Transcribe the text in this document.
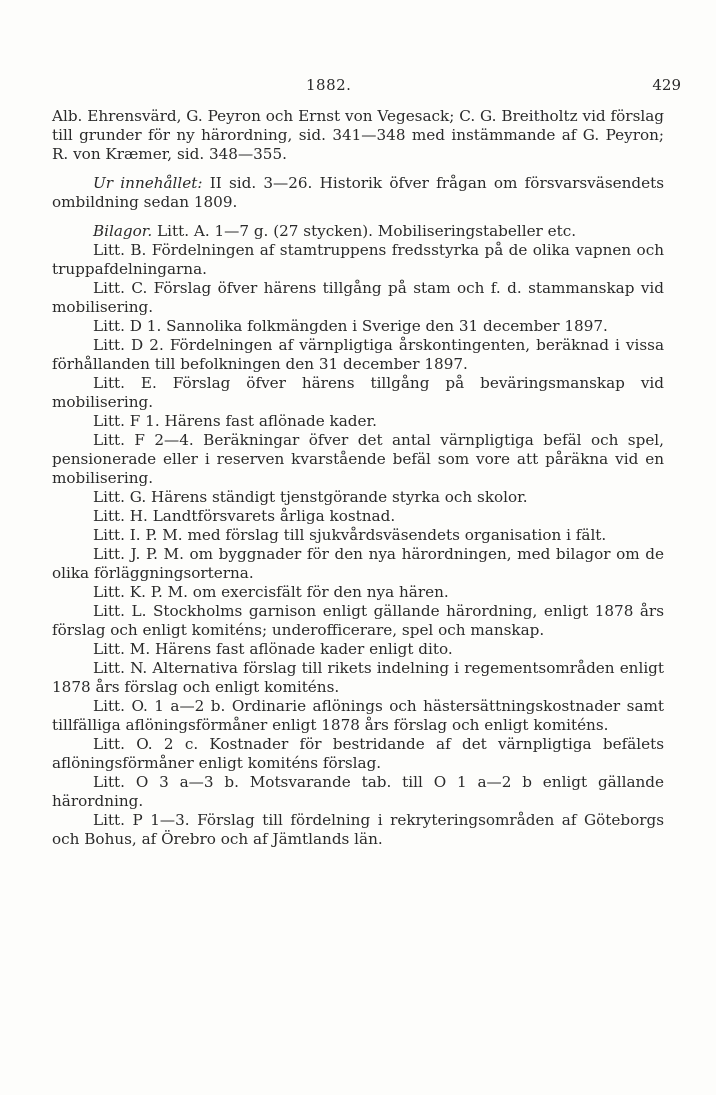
1882.	429

Alb. Ehrensvärd, G. Peyron och Ernst von Vegesack; C. G. Breitholtz vid förslag till grunder för ny härordning, sid. 341—348 med instämmande af G. Peyron; R. von Kræmer, sid. 348—355.

Ur innehållet: II sid. 3—26. Historik öfver frågan om försvarsväsendets ombildning sedan 1809.

Bilagor. Litt. A. 1—7 g. (27 stycken). Mobiliseringstabeller etc.

Litt. B. Fördelningen af stamtruppens fredsstyrka på de olika vapnen och truppafdelningarna.

Litt. C. Förslag öfver härens tillgång på stam och f. d. stammanskap vid mobilisering.

Litt. D 1. Sannolika folkmängden i Sverige den 31 december 1897.

Litt. D 2. Fördelningen af värnpligtiga årskontingenten, beräknad i vissa förhållanden till befolkningen den 31 december 1897.

Litt. E. Förslag öfver härens tillgång på beväringsmanskap vid mobilisering.

Litt. F 1. Härens fast aflönade kader.

Litt. F 2—4. Beräkningar öfver det antal värnpligtiga befäl och spel, pensionerade eller i reserven kvarstående befäl som vore att påräkna vid en mobilisering.

Litt. G. Härens ständigt tjenstgörande styrka och skolor.

Litt. H. Landtförsvarets årliga kostnad.

Litt. I. P. M. med förslag till sjukvårdsväsendets organisation i fält.

Litt. J. P. M. om byggnader för den nya härordningen, med bilagor om de olika förläggningsorterna.

Litt. K. P. M. om exercisfält för den nya hären.

Litt. L. Stockholms garnison enligt gällande härordning, enligt 1878 års förslag och enligt komiténs; underofficerare, spel och manskap.

Litt. M. Härens fast aflönade kader enligt dito.

Litt. N. Alternativa förslag till rikets indelning i regementsområden enligt 1878 års förslag och enligt komiténs.

Litt. O. 1 a—2 b. Ordinarie aflönings och hästersättningskostnader samt tillfälliga aflöningsförmåner enligt 1878 års förslag och enligt komiténs.

Litt. O. 2 c. Kostnader för bestridande af det värnpligtiga befälets aflöningsförmåner enligt komiténs förslag.

Litt. O 3 a—3 b. Motsvarande tab. till O 1 a—2 b enligt gällande härordning.

Litt. P 1—3. Förslag till fördelning i rekryteringsområden af Göteborgs och Bohus, af Örebro och af Jämtlands län.
